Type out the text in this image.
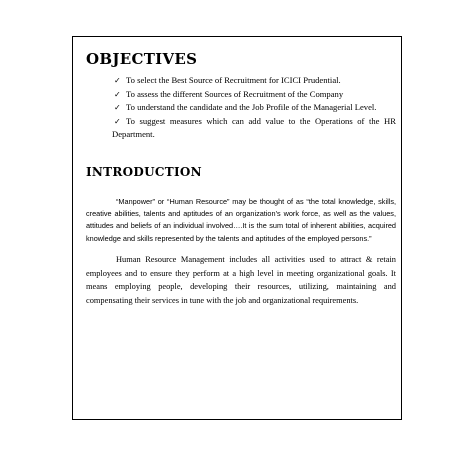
OBJECTIVES
✓ To select the Best Source of Recruitment for ICICI Prudential.
✓ To assess the different Sources of Recruitment of the Company
✓ To understand the candidate and the Job Profile of the Managerial Level.
✓ To suggest measures which can add value to the Operations of the HR Department.
INTRODUCTION

“Manpower” or “Human Resource” may be thought of as “the total knowledge, skills, creative abilities, talents and aptitudes of an organization’s work force, as well as the values, attitudes and beliefs of an individual involved….It is the sum total of inherent abilities, acquired knowledge and skills represented by the talents and aptitudes of the employed persons.”

Human Resource Management includes all activities used to attract & retain employees and to ensure they perform at a high level in meeting organizational goals. It means employing people, developing their resources, utilizing, maintaining and compensating their services in tune with the job and organizational requirements.
